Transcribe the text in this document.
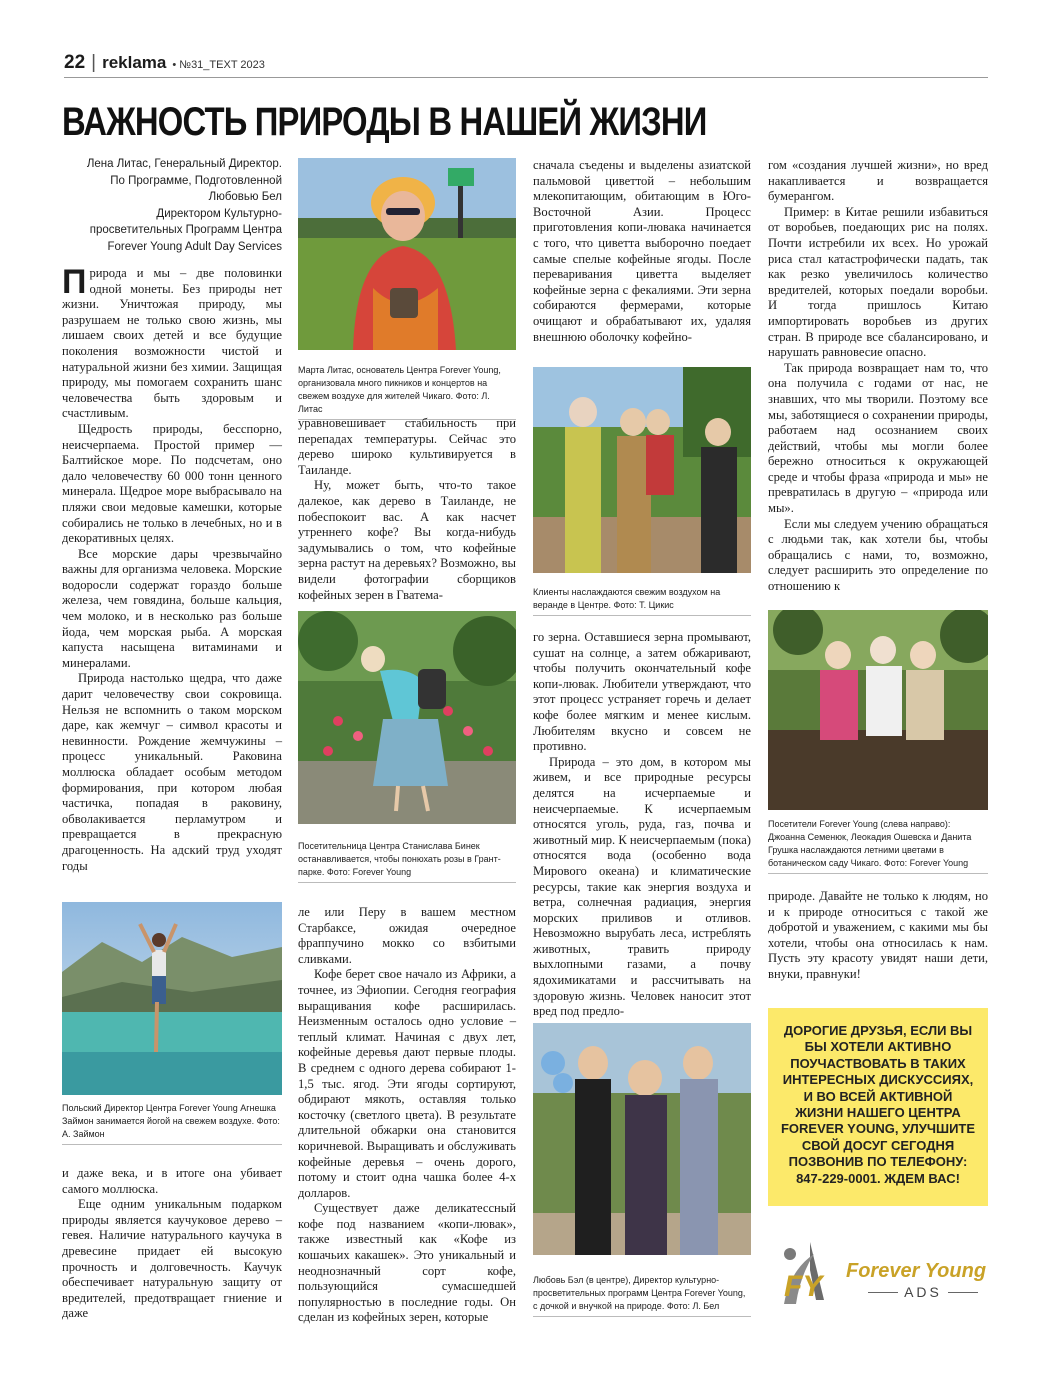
22 | reklama • №31_TEXT 2023
ВАЖНОСТЬ ПРИРОДЫ В НАШЕЙ ЖИЗНИ
Лена Литас, Генеральный Директор.
По Программе, Подготовленной
Любовью Бел
Директором Культурно-
просветительных Программ Центра
Forever Young Adult Day Services

Природа и мы – две половинки одной монеты. Без природы нет жизни. Уничтожая природу, мы разрушаем не только свою жизнь, мы лишаем своих детей и все будущие поколения возможности чистой и натуральной жизни без химии. Защищая природу, мы помогаем сохранить шанс человечества быть здоровым и счастливым.

Щедрость природы, бесспорно, неисчерпаема. Простой пример — Балтийское море. По подсчетам, оно дало человечеству 60 000 тонн ценного минерала. Щедрое море выбрасывало на пляжи свои медовые камешки, которые собирались не только в лечебных, но и в декоративных целях.

Все морские дары чрезвычайно важны для организма человека. Морские водоросли содержат гораздо больше железа, чем говядина, больше кальция, чем молоко, и в несколько раз больше йода, чем морская рыба. А морская капуста насыщена витаминами и минералами.

Природа настолько щедра, что даже дарит человечеству свои сокровища. Нельзя не вспомнить о таком морском даре, как жемчуг – символ красоты и невинности. Рождение жемчужины – процесс уникальный. Раковина моллюска обладает особым методом формирования, при котором любая частичка, попадая в раковину, обволакивается перламутром и превращается в прекрасную драгоценность. На адский труд уходят годы

Польский Директор Центра Forever Young Агнешка Займон занимается йогой на свежем воздухе. Фото: А. Займон

и даже века, и в итоге она убивает самого моллюска.

Еще одним уникальным подарком природы является каучуковое дерево – гевея. Наличие натурального каучука в древесине придает ей высокую прочность и долговечность. Каучук обеспечивает натуральную защиту от вредителей, предотвращает гниение и даже

Марта Литас, основатель Центра Forever Young, организовала много пикников и концертов на свежем воздухе для жителей Чикаго. Фото: Л. Литас

уравновешивает стабильность при перепадах температуры. Сейчас это дерево широко культивируется в Таиланде.

Ну, может быть, что-то такое далекое, как дерево в Таиланде, не побеспокоит вас. А как насчет утреннего кофе? Вы когда-нибудь задумывались о том, что кофейные зерна растут на деревьях? Возможно, вы видели фотографии сборщиков кофейных зерен в Гватема-

Посетительница Центра Станислава Бинек останавливается, чтобы понюхать розы в Грант-парке. Фото: Forever Young

ле или Перу в вашем местном Старбаксе, ожидая очередное фраппучино мокко со взбитыми сливками.

Кофе берет свое начало из Африки, а точнее, из Эфиопии. Сегодня география выращивания кофе расширилась. Неизменным осталось одно условие – теплый климат. Начиная с двух лет, кофейные деревья дают первые плоды. В среднем с одного дерева собирают 1-1,5 тыс. ягод. Эти ягоды сортируют, обдирают мякоть, оставляя только косточку (светлого цвета). В результате длительной обжарки она становится коричневой. Выращивать и обслуживать кофейные деревья – очень дорого, потому и стоит одна чашка более 4-х долларов.

Существует даже деликатессный кофе под названием «копи-лювак», также известный как «Кофе из кошачьих какашек». Это уникальный и неоднозначный сорт кофе, пользующийся сумасшедшей популярностью в последние годы. Он сделан из кофейных зерен, которые

сначала съедены и выделены азиатской пальмовой циветтой – небольшим млекопитающим, обитающим в Юго-Восточной Азии. Процесс приготовления копи-лювака начинается с того, что циветта выборочно поедает самые спелые кофейные ягоды. После переваривания циветта выделяет кофейные зерна с фекалиями. Эти зерна собираются фермерами, которые очищают и обрабатывают их, удаляя внешнюю оболочку кофейно-

Клиенты наслаждаются свежим воздухом на веранде в Центре. Фото: Т. Цикис

го зерна. Оставшиеся зерна промывают, сушат на солнце, а затем обжаривают, чтобы получить окончательный кофе копи-лювак. Любители утверждают, что этот процесс устраняет горечь и делает кофе более мягким и менее кислым. Любителям вкусно и совсем не противно.

Природа – это дом, в котором мы живем, и все природные ресурсы делятся на исчерпаемые и неисчерпаемые. К исчерпаемым относятся уголь, руда, газ, почва и животный мир. К неисчерпаемым (пока) относятся вода (особенно вода Мирового океана) и климатические ресурсы, такие как энергия воздуха и ветра, солнечная радиация, энергия морских приливов и отливов. Невозможно вырубать леса, истреблять животных, травить природу выхлопными газами, а почву ядохимикатами и рассчитывать на здоровую жизнь. Человек наносит этот вред под предло-

Любовь Бэл (в центре), Директор культурно-просветительных программ Центра Forever Young, с дочкой и внучкой на природе. Фото: Л. Бел

гом «создания лучшей жизни», но вред накапливается и возвращается бумерангом.

Пример: в Китае решили избавиться от воробьев, поедающих рис на полях. Почти истребили их всех. Но урожай риса стал катастрофически падать, так как резко увеличилось количество вредителей, которых поедали воробьи. И тогда пришлось Китаю импортировать воробьев из других стран. В природе все сбалансировано, и нарушать равновесие опасно.

Так природа возвращает нам то, что она получила с годами от нас, не знавших, что мы творили. Поэтому все мы, заботящиеся о сохранении природы, работаем над осознанием своих действий, чтобы мы могли более бережно относиться к окружающей среде и чтобы фраза «природа и мы» не превратилась в другую – «природа или мы».

Если мы следуем учению обращаться с людьми так, как хотели бы, чтобы обращались с нами, то, возможно, следует расширить это определение по отношению к

Посетители Forever Young (слева направо): Джоанна Семенюк, Леокадия Ошевска и Данита Грушка наслаждаются летними цветами в ботаническом саду Чикаго. Фото: Forever Young

природе. Давайте не только к людям, но и к природе относиться с такой же добротой и уважением, с какими мы бы хотели, чтобы она относилась к нам. Пусть эту красоту увидят наши дети, внуки, правнуки!

ДОРОГИЕ ДРУЗЬЯ, ЕСЛИ ВЫ БЫ ХОТЕЛИ АКТИВНО ПОУЧАСТВОВАТЬ В ТАКИХ ИНТЕРЕСНЫХ ДИСКУССИЯХ, И ВО ВСЕЙ АКТИВНОЙ ЖИЗНИ НАШЕГО ЦЕНТРА FOREVER YOUNG, УЛУЧШИТЕ СВОЙ ДОСУГ СЕГОДНЯ ПОЗВОНИВ ПО ТЕЛЕФОНУ: 847-229-0001. ЖДЕМ ВАС!
FY Forever Young
ADS
